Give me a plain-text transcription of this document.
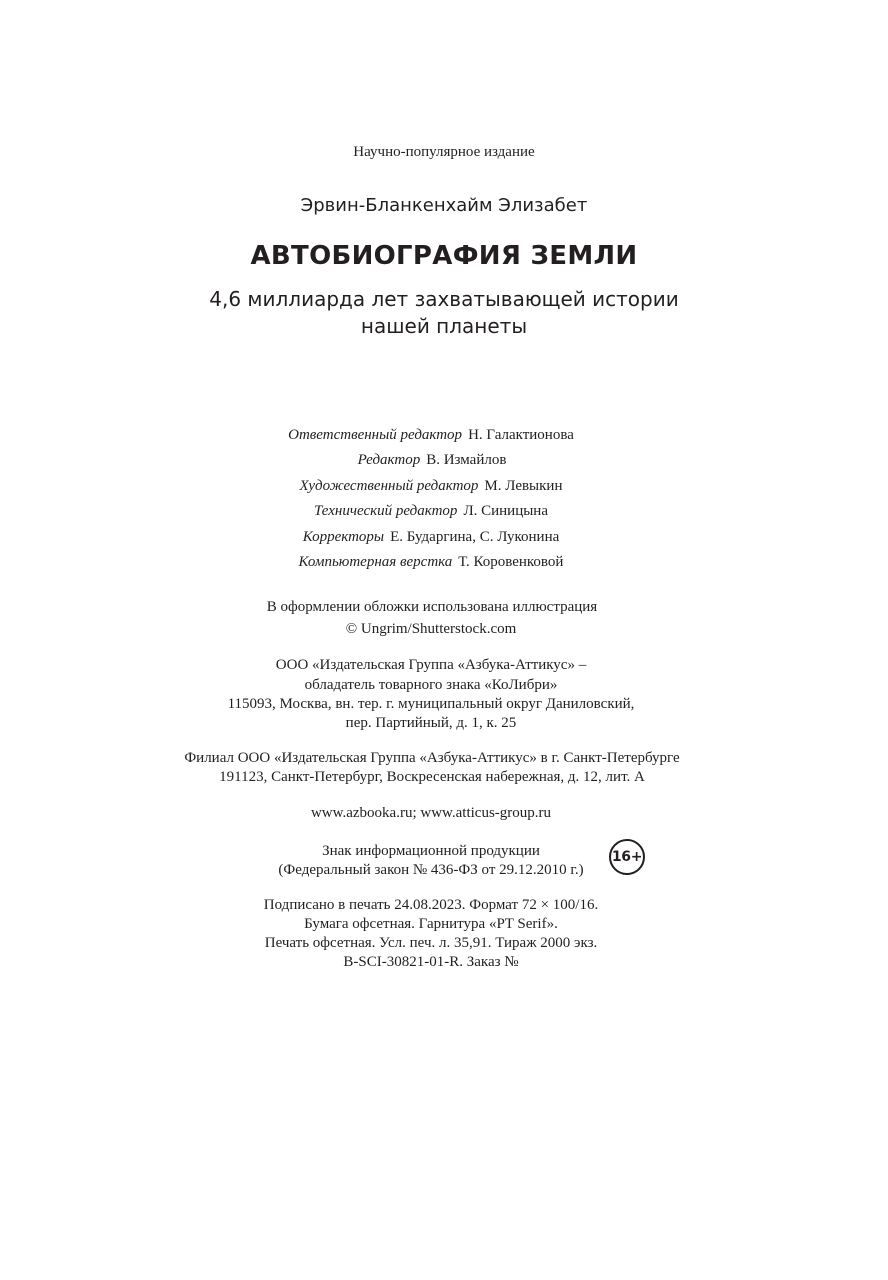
Научно-популярное издание
Эрвин-Бланкенхайм Элизабет
АВТОБИОГРАФИЯ ЗЕМЛИ
4,6 миллиарда лет захватывающей истории
нашей планеты
Ответственный редактор Н. Галактионова
Редактор В. Измайлов
Художественный редактор М. Левыкин
Технический редактор Л. Синицына
Корректоры Е. Бударгина, С. Луконина
Компьютерная верстка Т. Коровенковой
В оформлении обложки использована иллюстрация
© Ungrim/Shutterstock.com
ООО «Издательская Группа «Азбука-Аттикус» –
обладатель товарного знака «КоЛибри»
115093, Москва, вн. тер. г. муниципальный округ Даниловский,
пер. Партийный, д. 1, к. 25
Филиал ООО «Издательская Группа «Азбука-Аттикус» в г. Санкт-Петербурге
191123, Санкт-Петербург, Воскресенская набережная, д. 12, лит. А
www.azbooka.ru; www.atticus-group.ru
Знак информационной продукции
(Федеральный закон № 436-ФЗ от 29.12.2010 г.)
16+
Подписано в печать 24.08.2023. Формат 72 × 100/16.
Бумага офсетная. Гарнитура «PT Serif».
Печать офсетная. Усл. печ. л. 35,91. Тираж 2000 экз.
B-SCI-30821-01-R. Заказ №
